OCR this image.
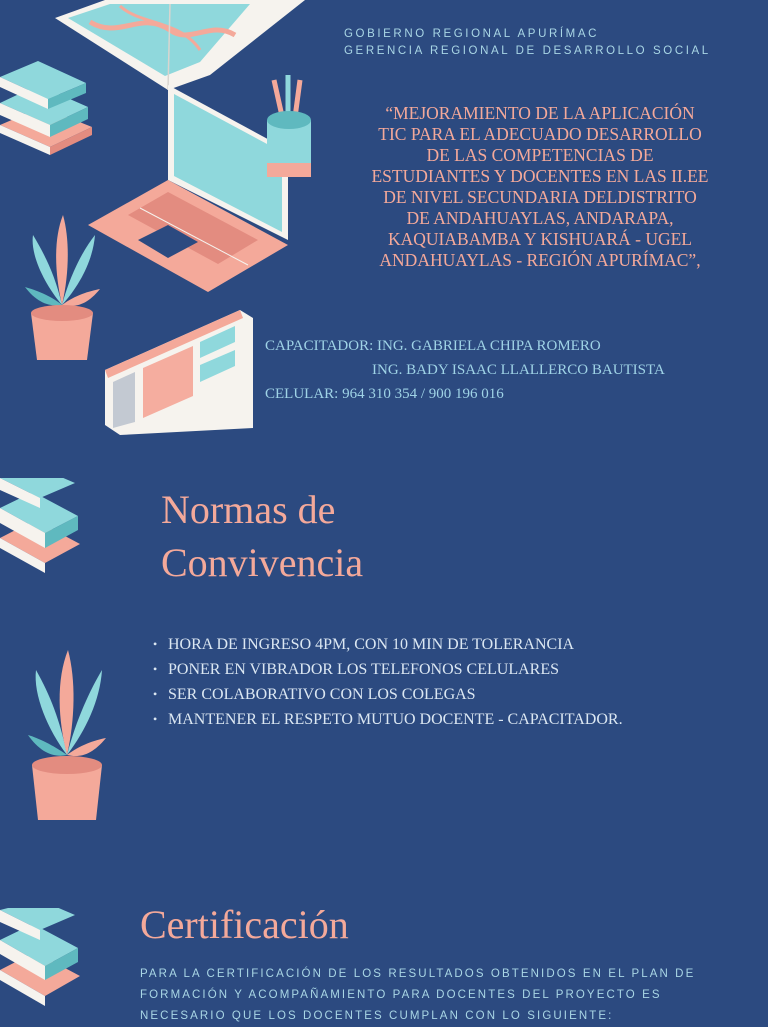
GOBIERNO REGIONAL APURÍMAC
GERENCIA REGIONAL DE DESARROLLO SOCIAL
“MEJORAMIENTO DE LA APLICACIÓN
TIC PARA EL ADECUADO DESARROLLO
DE LAS COMPETENCIAS DE
ESTUDIANTES Y DOCENTES EN LAS II.EE
DE NIVEL SECUNDARIA DELDISTRITO
DE ANDAHUAYLAS, ANDARAPA,
KAQUIABAMBA Y KISHUARÁ - UGEL
ANDAHUAYLAS - REGIÓN APURÍMAC”,
CAPACITADOR: ING. GABRIELA CHIPA ROMERO
ING. BADY ISAAC LLALLERCO BAUTISTA
CELULAR: 964 310 354 / 900 196 016
Normas de
Convivencia
• HORA DE INGRESO 4PM, CON 10 MIN DE TOLERANCIA
• PONER EN VIBRADOR LOS TELEFONOS CELULARES
• SER COLABORATIVO CON LOS COLEGAS
• MANTENER EL RESPETO MUTUO DOCENTE - CAPACITADOR.
Certificación
PARA LA CERTIFICACIÓN DE LOS RESULTADOS OBTENIDOS EN EL PLAN DE
FORMACIÓN Y ACOMPAÑAMIENTO PARA DOCENTES DEL PROYECTO ES
NECESARIO QUE LOS DOCENTES CUMPLAN CON LO SIGUIENTE:
